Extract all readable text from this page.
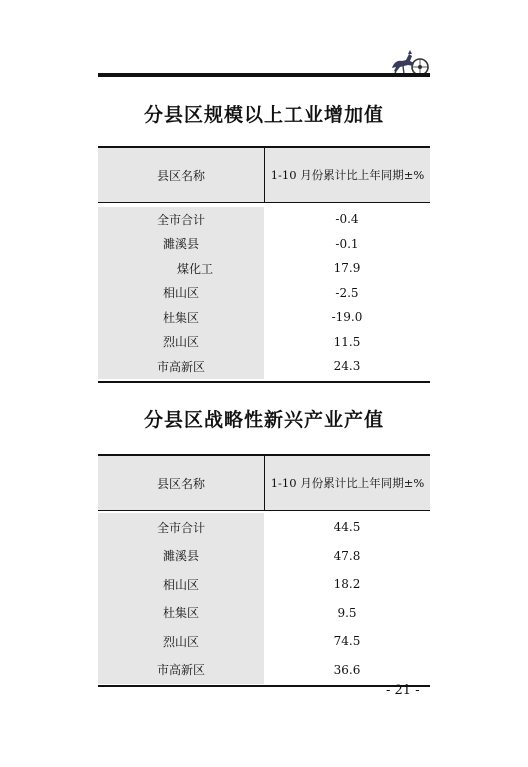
分县区规模以上工业增加值
县区名称	1-10 月份累计比上年同期±%
全市合计	-0.4
濉溪县	-0.1
煤化工	17.9
相山区	-2.5
杜集区	-19.0
烈山区	11.5
市高新区	24.3
分县区战略性新兴产业产值
县区名称	1-10 月份累计比上年同期±%
全市合计	44.5
濉溪县	47.8
相山区	18.2
杜集区	9.5
烈山区	74.5
市高新区	36.6
- 21 -
